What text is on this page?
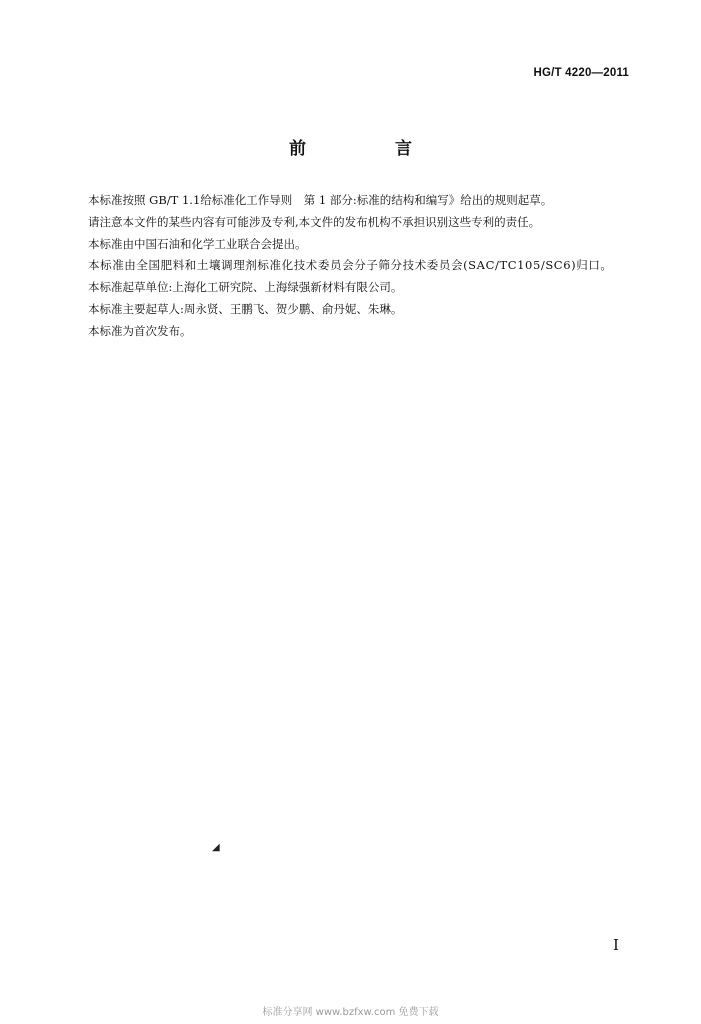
HG/T 4220—2011
前　言

本标准按照 GB/T 1.1给标准化工作导则　第 1 部分:标准的结构和编写》给出的规则起草。

请注意本文件的某些内容有可能涉及专利,本文件的发布机构不承担识别这些专利的责任。

本标准由中国石油和化学工业联合会提出。

本标准由全国肥料和土壤调理剂标准化技术委员会分子筛分技术委员会(SAC/TC105/SC6)归口。

本标准起草单位:上海化工研究院、上海绿强新材料有限公司。

本标准主要起草人:周永贤、王鹏飞、贺少鹏、俞丹妮、朱琳。

本标准为首次发布。

◢
I
标准分享网 www.bzfxw.com 免费下载
